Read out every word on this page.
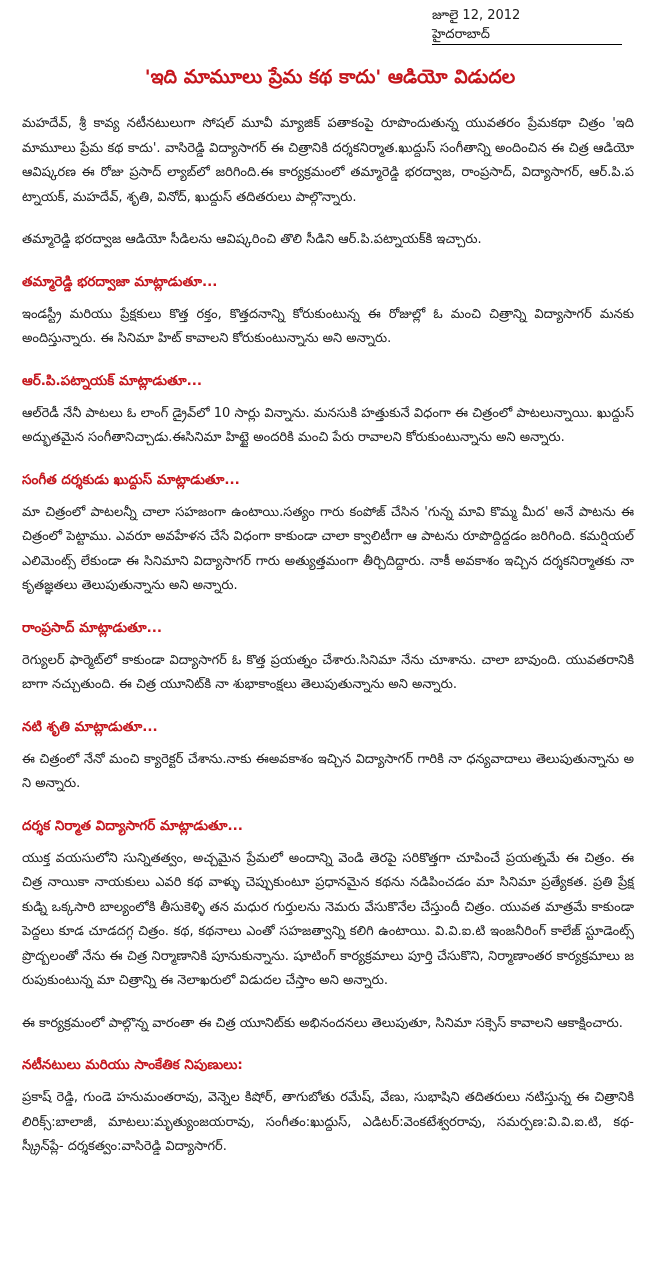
జూలై 12, 2012
హైదరాబాద్
'ఇది మామూలు ప్రేమ కథ కాదు' ఆడియో విడుదల

మహదేవ్, శ్రీ కావ్య నటీనటులుగా సోషల్ మూవీ మ్యాజిక్ పతాకంపై రూపొందుతున్న యువతరం ప్రేమకథా చిత్రం 'ఇది మామూలు ప్రేమ కథ కాదు'. వాసిరెడ్డి విద్యాసాగర్ ఈ చిత్రానికి దర్శకనిర్మాత.ఖుద్దుస్ సంగీతాన్ని అందించిన ఈ చిత్ర ఆడియో ఆవిష్కరణ ఈ రోజు ప్రసాద్ ల్యాబ్‌లో జరిగింది.ఈ కార్యక్రమంలో తమ్మారెడ్డి భరద్వాజ, రాంప్రసాద్, విద్యాసాగర్, ఆర్.పి.పట్నాయక్, మహదేవ్, శృతి, వినోద్, ఖుద్దుస్ తదితరులు పాల్గొన్నారు.

తమ్మారెడ్డి భరద్వాజ ఆడియో సీడిలను ఆవిష్కరించి తొలి సీడిని ఆర్.పి.పట్నాయక్‌కి ఇచ్చారు.

తమ్మారెడ్డి భరద్వాజా మాట్లాడుతూ...

ఇండస్ట్రీ మరియు ప్రేక్షకులు కొత్త రక్తం, కొత్తదనాన్ని కోరుకుంటున్న ఈ రోజుల్లో ఓ మంచి చిత్రాన్ని విద్యాసాగర్ మనకు అందిస్తున్నారు. ఈ సినిమా హిట్ కావాలని కోరుకుంటున్నాను అని అన్నారు.

ఆర్.పి.పట్నాయక్ మాట్లాడుతూ...

ఆల్‌రెడీ నేనీ పాటలు ఓ లాంగ్ డ్రైవ్‌లో 10 సార్లు విన్నాను. మనసుకి హత్తుకునే విధంగా ఈ చిత్రంలో పాటలున్నాయి. ఖుద్దుస్ అద్భుతమైన సంగీతానిచ్చాడు.ఈసినిమా హిట్టై అందరికి మంచి పేరు రావాలని కోరుకుంటున్నాను అని అన్నారు.

సంగీత దర్శకుడు ఖుద్దుస్ మాట్లాడుతూ...

మా చిత్రంలో పాటలన్నీ చాలా సహజంగా ఉంటాయి.సత్యం గారు కంపోజ్ చేసిన 'గున్న మావి కొమ్మ మీద' అనే పాటను ఈ చిత్రంలో పెట్టాము. ఎవరూ అవహేళన చేసే విధంగా కాకుండా చాలా క్వాలిటీగా ఆ పాటను రూపొద్దిద్దడం జరిగింది. కమర్షియల్ ఎలిమెంట్స్ లేకుండా ఈ సినిమాని విద్యాసాగర్ గారు అత్యుత్తమంగా తీర్చిదిద్దారు. నాకీ అవకాశం ఇచ్చిన దర్శకనిర్మాతకు నా కృతజ్ఞతలు తెలుపుతున్నాను అని అన్నారు.

రాంప్రసాద్ మాట్లాడుతూ...

రెగ్యులర్ ఫార్మెట్‌లో కాకుండా విద్యాసాగర్ ఓ కొత్త ప్రయత్నం చేశారు.సినిమా నేను చూశాను. చాలా బావుంది. యువతరానికి బాగా నచ్చుతుంది. ఈ చిత్ర యూనిట్‌కి నా శుభాకాంక్షలు తెలుపుతున్నాను అని అన్నారు.

నటి శృతి మాట్లాడుతూ...

ఈ చిత్రంలో నేనో మంచి క్యారెక్టర్ చేశాను.నాకు ఈఅవకాశం ఇచ్చిన విద్యాసాగర్ గారికి నా ధన్యవాదాలు తెలుపుతున్నాను అని అన్నారు.

దర్శక నిర్మాత విద్యాసాగర్ మాట్లాడుతూ...

యుక్త వయసులోని సున్నితత్వం, అచ్చమైన ప్రేమలో అందాన్ని వెండి తెరపై సరికొత్తగా చూపించే ప్రయత్నమే ఈ చిత్రం. ఈ చిత్ర నాయికా నాయకులు ఎవరి కథ వాళ్ళు చెప్పుకుంటూ ప్రధానమైన కథను నడిపించడం మా సినిమా ప్రత్యేకత. ప్రతి ప్రేక్షకుడ్ని ఒక్కసారి బాల్యంలోకి తీసుకెళ్ళి తన మధుర గుర్తులను నెమరు వేసుకొనేల చేస్తుందీ చిత్రం. యువత మాత్రమే కాకుండా పెద్దలు కూడ చూడదగ్గ చిత్రం. కథ, కథనాలు ఎంతో సహజత్వాన్ని కలిగి ఉంటాయి. వి.వి.ఐ.టి ఇంజనీరింగ్ కాలేజ్ స్టూడెంట్స్ ప్రొద్బలంతో నేను ఈ చిత్ర నిర్మాణానికి పూనుకున్నాను. షూటింగ్ కార్యక్రమాలు పూర్తి చేసుకొని, నిర్మాణాంతర కార్యక్రమాలు జరుపుకుంటున్న మా చిత్రాన్ని ఈ నెలాఖరులో విడుదల చేస్తాం అని అన్నారు.

ఈ కార్యక్రమంలో పాల్గొన్న వారంతా ఈ చిత్ర యూనిట్‌కు అభినందనలు తెలుపుతూ, సినిమా సక్సెస్ కావాలని ఆకాక్షించారు.

నటీనటులు మరియు సాంకేతిక నిపుణులు:

ప్రకాష్ రెడ్డి, గుండె హనుమంతరావు, వెన్నెల కిషోర్, తాగుబోతు రమేష్, వేణు, సుభాషిని తదితరులు నటిస్తున్న ఈ చిత్రానికి లిరిక్స్:బాలాజీ, మాటలు:మృత్యుంజయరావు, సంగీతం:ఖుద్దుస్, ఎడిటర్:వెంకటేశ్వరరావు, సమర్పణ:వి.వి.ఐ.టి, కథ-స్క్రీన్‌ప్లే- దర్శకత్వం:వాసిరెడ్డి విద్యాసాగర్.
